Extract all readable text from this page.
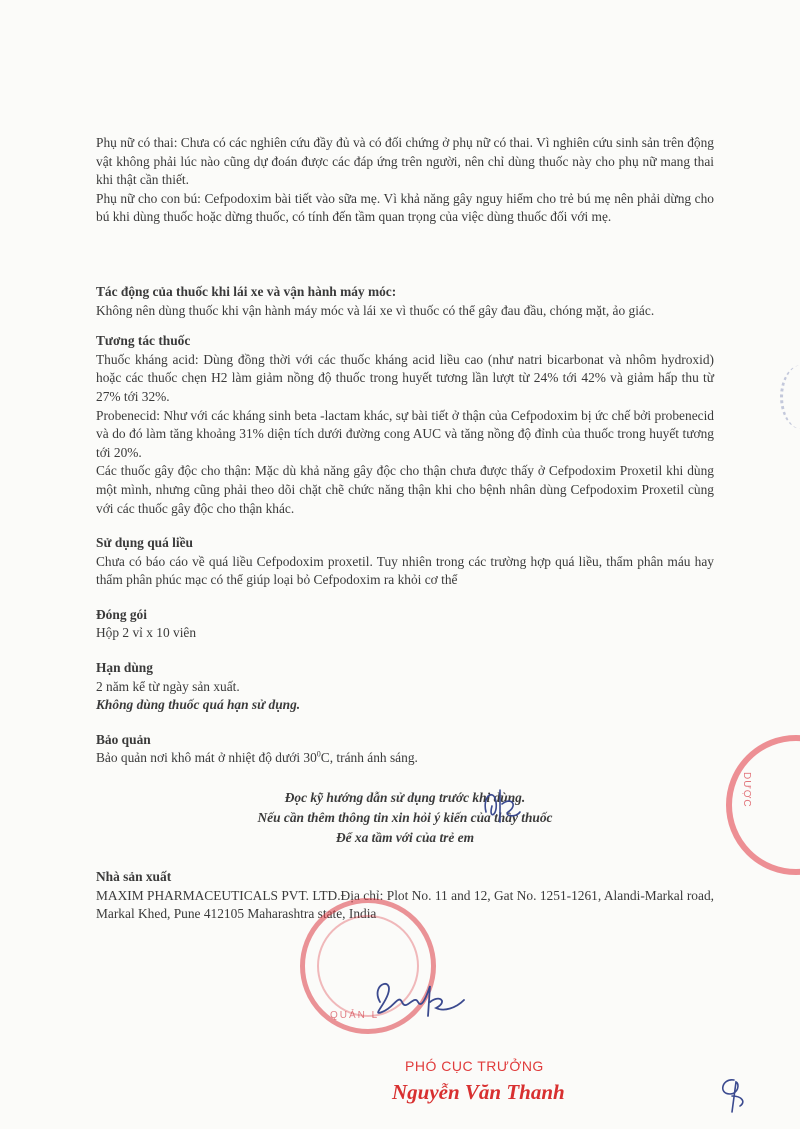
Phụ nữ có thai: Chưa có các nghiên cứu đầy đủ và có đối chứng ở phụ nữ có thai. Vì nghiên cứu sinh sản trên động vật không phải lúc nào cũng dự đoán được các đáp ứng trên người, nên chỉ dùng thuốc này cho phụ nữ mang thai khi thật cần thiết.

Phụ nữ cho con bú: Cefpodoxim bài tiết vào sữa mẹ. Vì khả năng gây nguy hiểm cho trẻ bú mẹ nên phải dừng cho bú khi dùng thuốc hoặc dừng thuốc, có tính đến tầm quan trọng của việc dùng thuốc đối với mẹ.

Tác động của thuốc khi lái xe và vận hành máy móc:

Không nên dùng thuốc khi vận hành máy móc và lái xe vì thuốc có thể gây đau đầu, chóng mặt, ảo giác.

Tương tác thuốc

Thuốc kháng acid: Dùng đồng thời với các thuốc kháng acid liều cao (như natri bicarbonat và nhôm hydroxid) hoặc các thuốc chẹn H2 làm giảm nồng độ thuốc trong huyết tương lần lượt từ 24% tới 42% và giảm hấp thu từ 27% tới 32%.

Probenecid: Như với các kháng sinh beta -lactam khác, sự bài tiết ở thận của Cefpodoxim bị ức chế bởi probenecid và do đó làm tăng khoảng 31% diện tích dưới đường cong AUC và tăng nồng độ đỉnh của thuốc trong huyết tương tới 20%.

Các thuốc gây độc cho thận: Mặc dù khả năng gây độc cho thận chưa được thấy ở Cefpodoxim Proxetil khi dùng một mình, nhưng cũng phải theo dõi chặt chẽ chức năng thận khi cho bệnh nhân dùng Cefpodoxim Proxetil cùng với các thuốc gây độc cho thận khác.

Sử dụng quá liều

Chưa có báo cáo về quá liều Cefpodoxim proxetil. Tuy nhiên trong các trường hợp quá liều, thẩm phân máu hay thẩm phân phúc mạc có thể giúp loại bỏ Cefpodoxim ra khỏi cơ thể

Đóng gói

Hộp 2 vỉ x 10 viên

Hạn dùng

2 năm kể từ ngày sản xuất.

Không dùng thuốc quá hạn sử dụng.

Bảo quản

Bảo quản nơi khô mát ở nhiệt độ dưới $30^0C$, tránh ánh sáng.

Đọc kỹ hướng dẫn sử dụng trước khi dùng.
Nếu cần thêm thông tin xin hỏi ý kiến của thầy thuốc
Để xa tầm với của trẻ em

Nhà sản xuất

MAXIM PHARMACEUTICALS PVT. LTD.Địa chỉ: Plot No. 11 and 12, Gat No. 1251-1261, Alandi-Markal road, Markal Khed, Pune 412105 Maharashtra state, India

DƯỢC
QUẢN L
PHÓ CỤC TRƯỞNG
Nguyễn Văn Thanh
